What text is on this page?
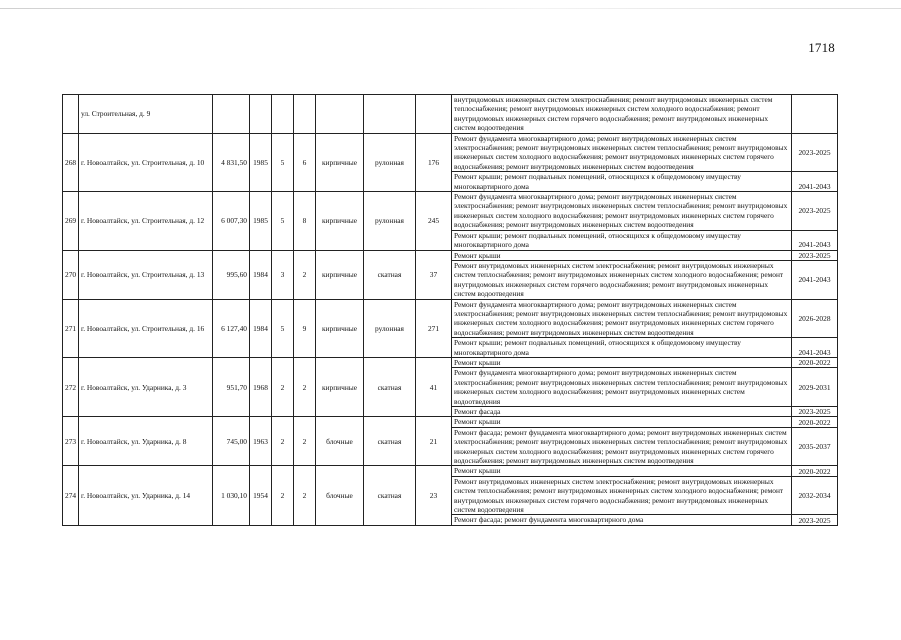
1718
	ул. Строительная, д. 9								внутридомовых инженерных систем электроснабжения; ремонт внутридомовых инженерных систем теплоснабжения; ремонт внутридомовых инженерных систем холодного водоснабжения; ремонт внутридомовых инженерных систем горячего водоснабжения; ремонт внутридомовых инженерных систем водоотведения	
268	г. Новоалтайск, ул. Строительная, д. 10	4 831,50	1985	5	6	кирпичные	рулонная	176	Ремонт фундамента многоквартирного дома; ремонт внутридомовых инженерных систем электроснабжения; ремонт внутридомовых инженерных систем теплоснабжения; ремонт внутридомовых инженерных систем холодного водоснабжения; ремонт внутридомовых инженерных систем горячего водоснабжения; ремонт внутридомовых инженерных систем водоотведения	2023-2025
									Ремонт крыши; ремонт подвальных помещений, относящихся к общедомовому имуществу многоквартирного дома	2041-2043
269	г. Новоалтайск, ул. Строительная, д. 12	6 007,30	1985	5	8	кирпичные	рулонная	245	Ремонт фундамента многоквартирного дома; ремонт внутридомовых инженерных систем электроснабжения; ремонт внутридомовых инженерных систем теплоснабжения; ремонт внутридомовых инженерных систем холодного водоснабжения; ремонт внутридомовых инженерных систем горячего водоснабжения; ремонт внутридомовых инженерных систем водоотведения	2023-2025
									Ремонт крыши; ремонт подвальных помещений, относящихся к общедомовому имуществу многоквартирного дома	2041-2043
270	г. Новоалтайск, ул. Строительная, д. 13	995,60	1984	3	2	кирпичные	скатная	37	Ремонт крыши	2023-2025
									Ремонт внутридомовых инженерных систем электроснабжения; ремонт внутридомовых инженерных систем теплоснабжения; ремонт внутридомовых инженерных систем холодного водоснабжения; ремонт внутридомовых инженерных систем горячего водоснабжения; ремонт внутридомовых инженерных систем водоотведения	2041-2043
271	г. Новоалтайск, ул. Строительная, д. 16	6 127,40	1984	5	9	кирпичные	рулонная	271	Ремонт фундамента многоквартирного дома; ремонт внутридомовых инженерных систем электроснабжения; ремонт внутридомовых инженерных систем теплоснабжения; ремонт внутридомовых инженерных систем холодного водоснабжения; ремонт внутридомовых инженерных систем горячего водоснабжения; ремонт внутридомовых инженерных систем водоотведения	2026-2028
									Ремонт крыши; ремонт подвальных помещений, относящихся к общедомовому имуществу многоквартирного дома	2041-2043
272	г. Новоалтайск, ул. Ударника, д. 3	951,70	1968	2	2	кирпичные	скатная	41	Ремонт крыши	2020-2022
									Ремонт фундамента многоквартирного дома; ремонт внутридомовых инженерных систем электроснабжения; ремонт внутридомовых инженерных систем теплоснабжения; ремонт внутридомовых инженерных систем холодного водоснабжения; ремонт внутридомовых инженерных систем водоотведения	2029-2031
									Ремонт фасада	2023-2025
273	г. Новоалтайск, ул. Ударника, д. 8	745,00	1963	2	2	блочные	скатная	21	Ремонт крыши	2020-2022
									Ремонт фасада; ремонт фундамента многоквартирного дома; ремонт внутридомовых инженерных систем электроснабжения; ремонт внутридомовых инженерных систем теплоснабжения; ремонт внутридомовых инженерных систем холодного водоснабжения; ремонт внутридомовых инженерных систем горячего водоснабжения; ремонт внутридомовых инженерных систем водоотведения	2035-2037
274	г. Новоалтайск, ул. Ударника, д. 14	1 030,10	1954	2	2	блочные	скатная	23	Ремонт крыши	2020-2022
									Ремонт внутридомовых инженерных систем электроснабжения; ремонт внутридомовых инженерных систем теплоснабжения; ремонт внутридомовых инженерных систем холодного водоснабжения; ремонт внутридомовых инженерных систем горячего водоснабжения; ремонт внутридомовых инженерных систем водоотведения	2032-2034
									Ремонт фасада; ремонт фундамента многоквартирного дома	2023-2025
